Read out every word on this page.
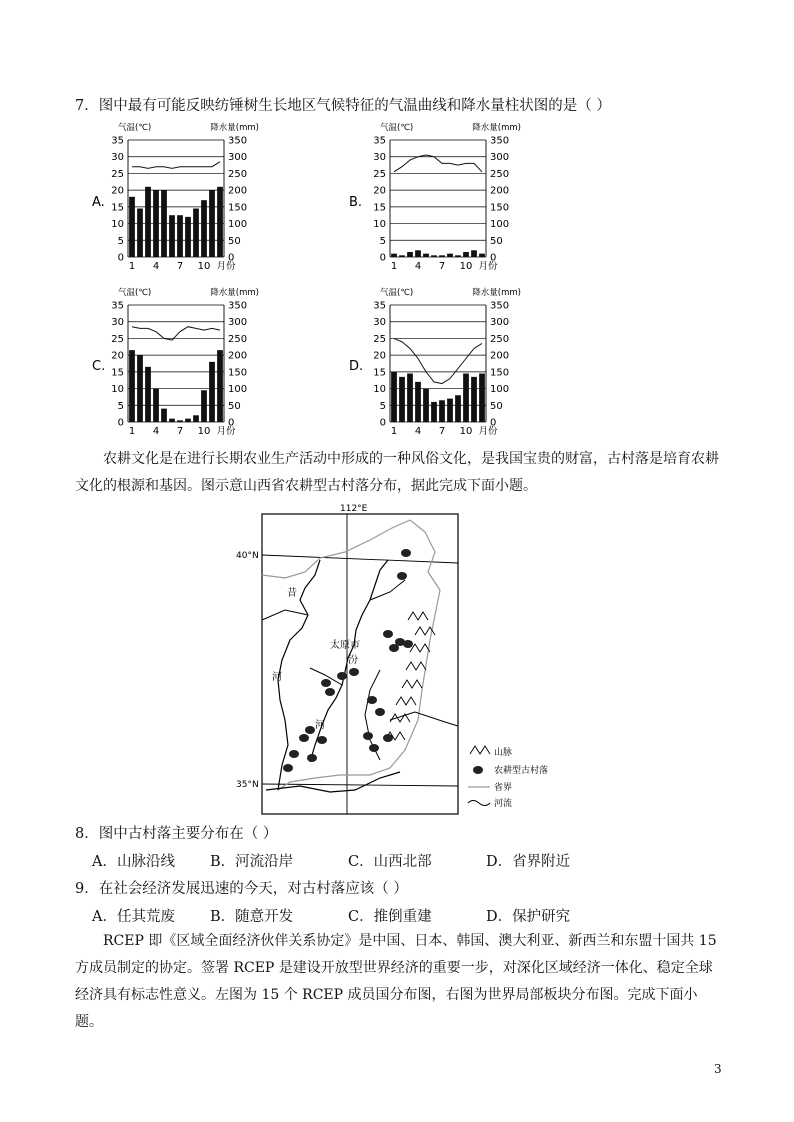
7．图中最有可能反映纺锤树生长地区气候特征的气温曲线和降水量柱状图的是（ ）
A.
气温(℃)	降水量(mm)
0	0
5	50
10	100
15	150
20	200
25	250
30	300
35	350
1 4 7 10 月份
B.
气温(℃)	降水量(mm)
0	0
5	50
10	100
15	150
20	200
25	250
30	300
35	350
1 4 7 10 月份
C.
气温(℃)	降水量(mm)
0	0
5	50
10	100
15	150
20	200
25	250
30	300
35	350
1 4 7 10 月份
D.
气温(℃)	降水量(mm)
0	0
5	50
10	100
15	150
20	200
25	250
30	300
35	350
1 4 7 10 月份
农耕文化是在进行长期农业生产活动中形成的一种风俗文化，是我国宝贵的财富，古村落是培育农耕文化的根源和基因。图示意山西省农耕型古村落分布，据此完成下面小题。
112°E
40°N
35°N
昔
太原市
汾
河
河
山脉
农耕型古村落
省界
河流
8．图中古村落主要分布在（ ）
A．山脉沿线 B．河流沿岸	C．山西北部	D．省界附近
9．在社会经济发展迅速的今天，对古村落应该（ ）
A．任其荒废 B．随意开发	C．推倒重建	D．保护研究
RCEP 即《区域全面经济伙伴关系协定》是中国、日本、韩国、澳大利亚、新西兰和东盟十国共 15 方成员制定的协定。签署 RCEP 是建设开放型世界经济的重要一步，对深化区域经济一体化、稳定全球经济具有标志性意义。左图为 15 个 RCEP 成员国分布图，右图为世界局部板块分布图。完成下面小题。
3
